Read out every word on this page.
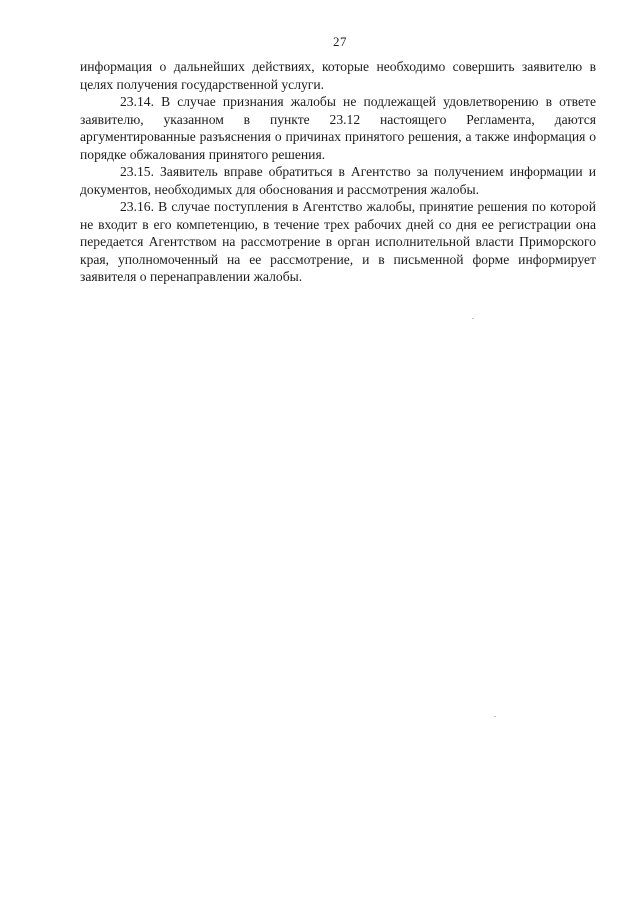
27

информация о дальнейших действиях, которые необходимо совершить заявителю в целях получения государственной услуги.

23.14. В случае признания жалобы не подлежащей удовлетворению в ответе заявителю, указанном в пункте 23.12 настоящего Регламента, даются аргументированные разъяснения о причинах принятого решения, а также информация о порядке обжалования принятого решения.

23.15. Заявитель вправе обратиться в Агентство за получением информации и документов, необходимых для обоснования и рассмотрения жалобы.

23.16. В случае поступления в Агентство жалобы, принятие решения по которой не входит в его компетенцию, в течение трех рабочих дней со дня ее регистрации она передается Агентством на рассмотрение в орган исполнительной власти Приморского края, уполномоченный на ее рассмотрение, и в письменной форме информирует заявителя о перенаправлении жалобы.
